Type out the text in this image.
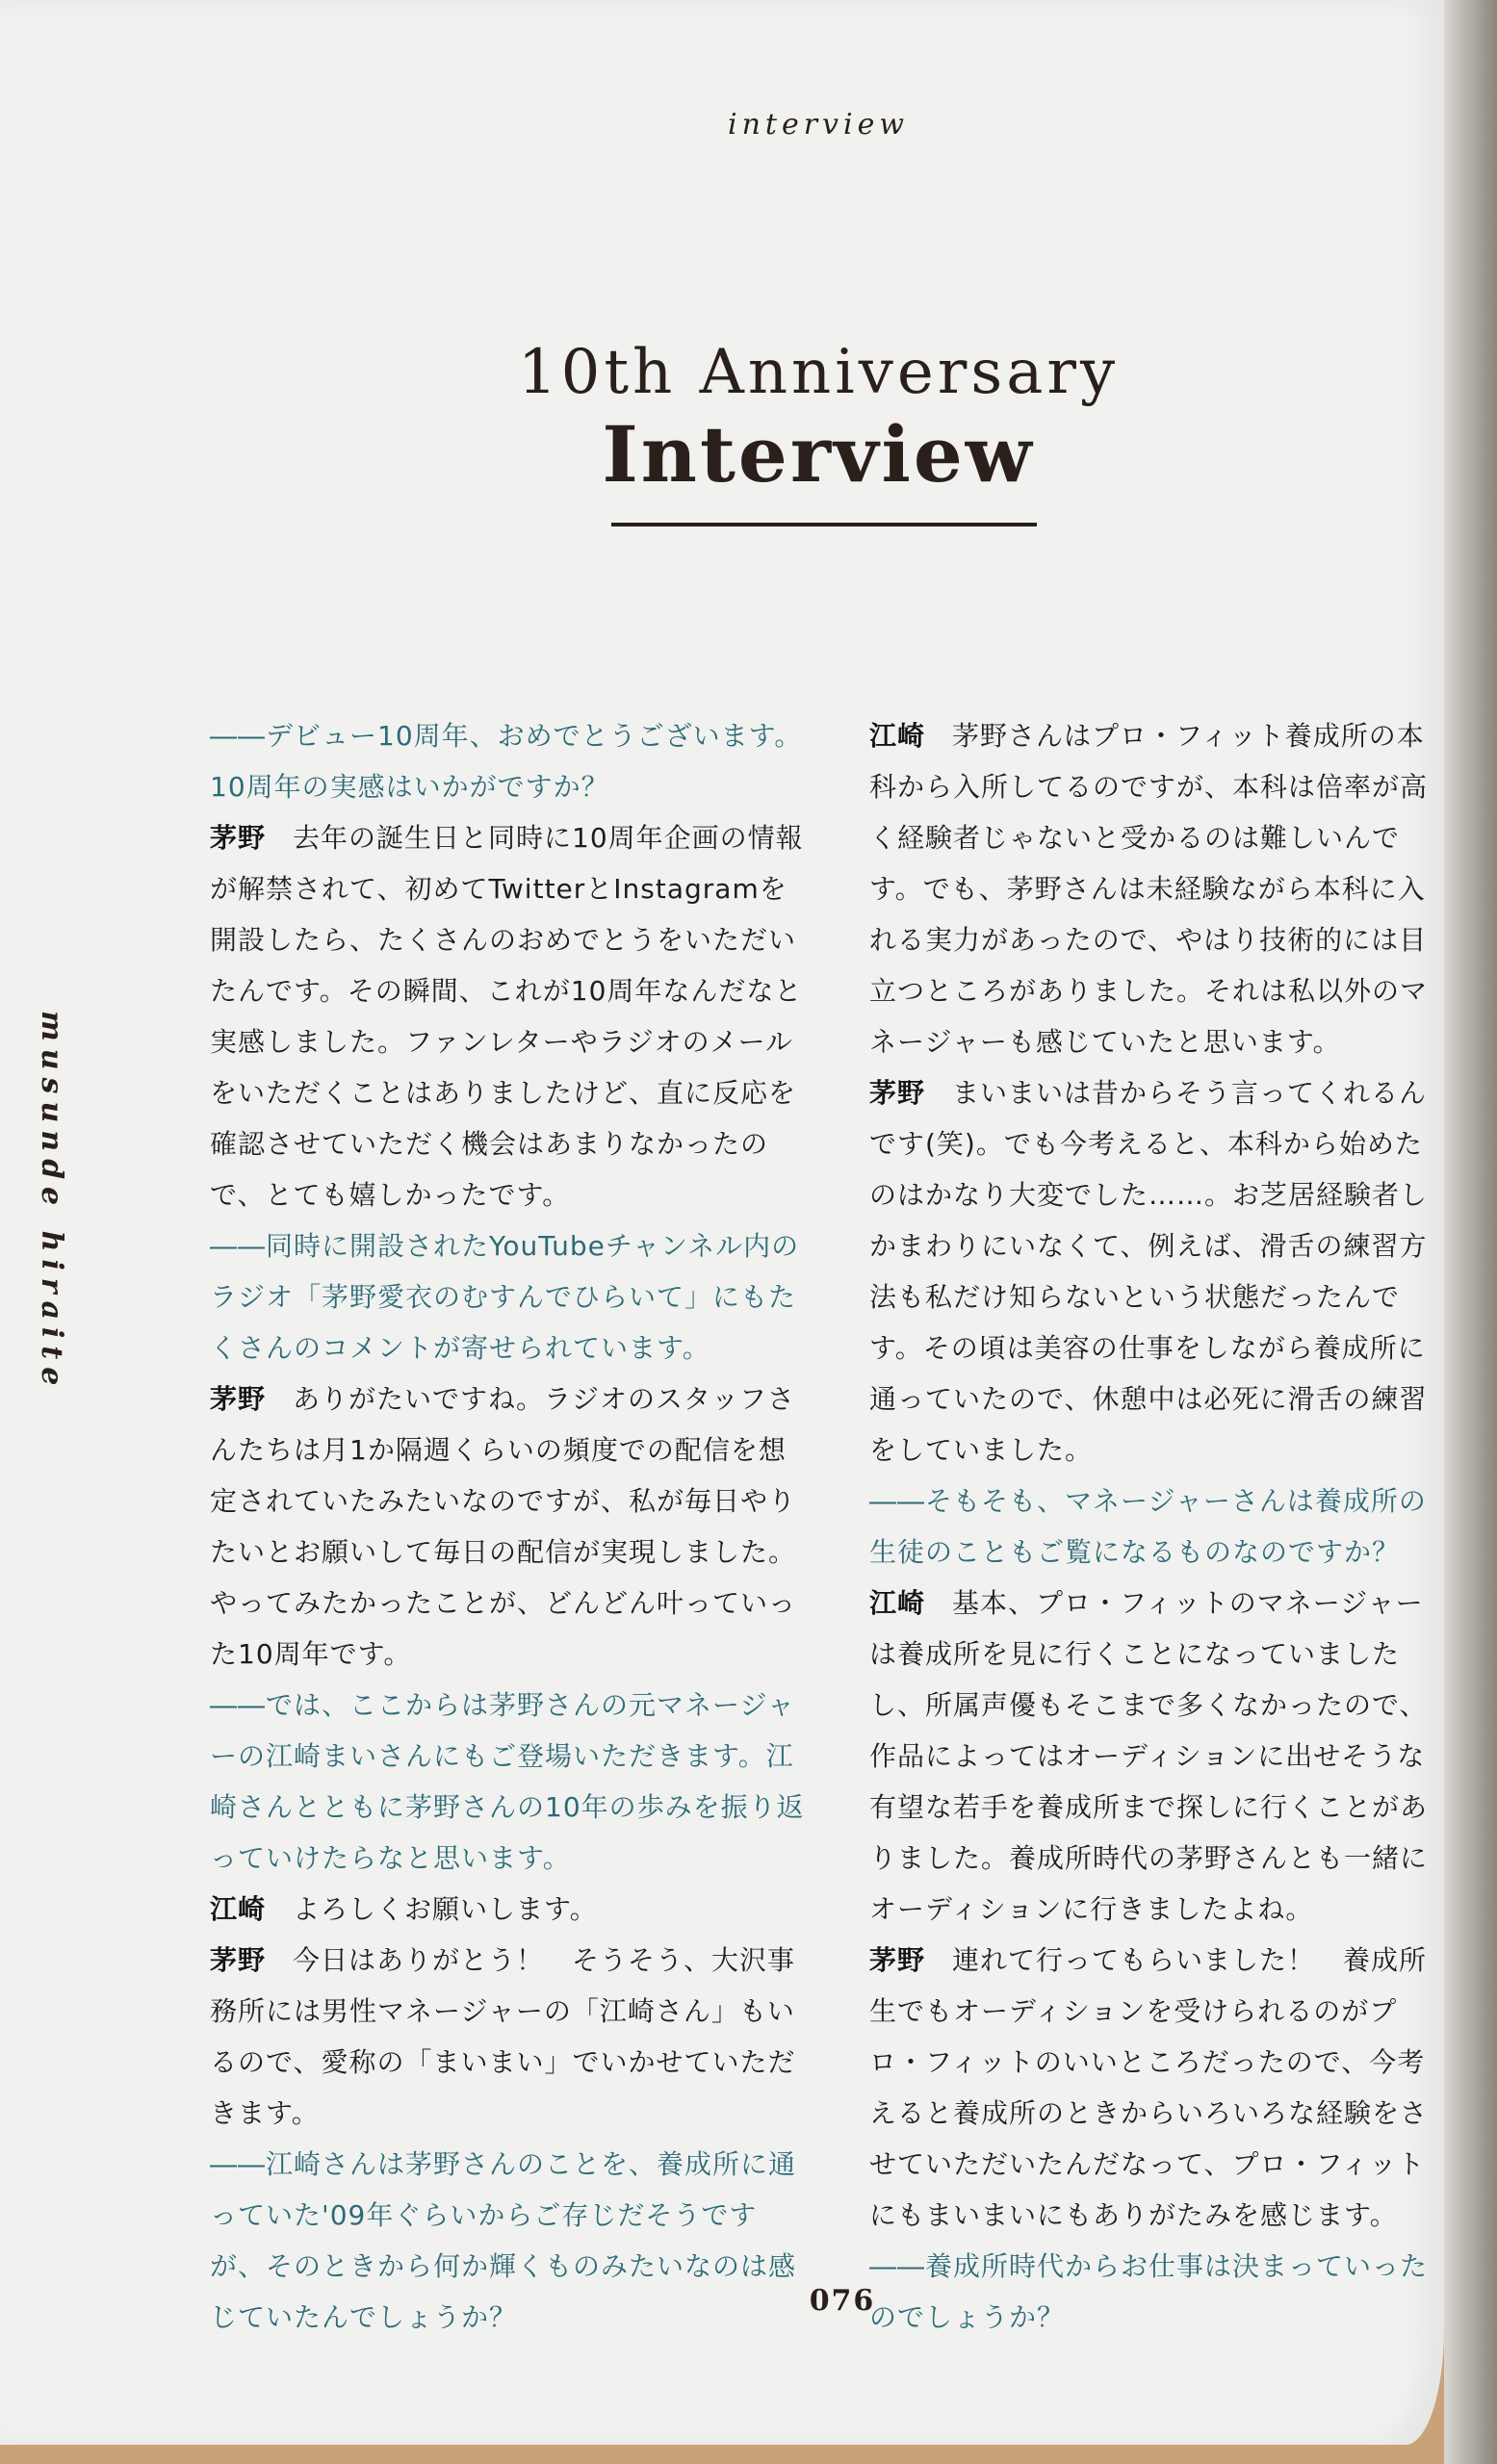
interview
10th Anniversary
Interview
musunde hiraite

――デビュー10周年、おめでとうございます。10周年の実感はいかがですか？

茅野 去年の誕生日と同時に10周年企画の情報が解禁されて、初めてTwitterとInstagramを開設したら、たくさんのおめでとうをいただいたんです。その瞬間、これが10周年なんだなと実感しました。ファンレターやラジオのメールをいただくことはありましたけど、直に反応を確認させていただく機会はあまりなかったので、とても嬉しかったです。

――同時に開設されたYouTubeチャンネル内のラジオ「茅野愛衣のむすんでひらいて」にもたくさんのコメントが寄せられています。

茅野 ありがたいですね。ラジオのスタッフさんたちは月1か隔週くらいの頻度での配信を想定されていたみたいなのですが、私が毎日やりたいとお願いして毎日の配信が実現しました。やってみたかったことが、どんどん叶っていった10周年です。

――では、ここからは茅野さんの元マネージャーの江崎まいさんにもご登場いただきます。江崎さんとともに茅野さんの10年の歩みを振り返っていけたらなと思います。

江崎 よろしくお願いします。

茅野 今日はありがとう！　そうそう、大沢事務所には男性マネージャーの「江崎さん」もいるので、愛称の「まいまい」でいかせていただきます。

――江崎さんは茅野さんのことを、養成所に通っていた'09年ぐらいからご存じだそうですが、そのときから何か輝くものみたいなのは感じていたんでしょうか？

江崎 茅野さんはプロ・フィット養成所の本科から入所してるのですが、本科は倍率が高く経験者じゃないと受かるのは難しいんです。でも、茅野さんは未経験ながら本科に入れる実力があったので、やはり技術的には目立つところがありました。それは私以外のマネージャーも感じていたと思います。

茅野 まいまいは昔からそう言ってくれるんです(笑)。でも今考えると、本科から始めたのはかなり大変でした……。お芝居経験者しかまわりにいなくて、例えば、滑舌の練習方法も私だけ知らないという状態だったんです。その頃は美容の仕事をしながら養成所に通っていたので、休憩中は必死に滑舌の練習をしていました。

――そもそも、マネージャーさんは養成所の生徒のこともご覧になるものなのですか？

江崎 基本、プロ・フィットのマネージャーは養成所を見に行くことになっていましたし、所属声優もそこまで多くなかったので、作品によってはオーディションに出せそうな有望な若手を養成所まで探しに行くことがありました。養成所時代の茅野さんとも一緒にオーディションに行きましたよね。

茅野 連れて行ってもらいました！　養成所生でもオーディションを受けられるのがプロ・フィットのいいところだったので、今考えると養成所のときからいろいろな経験をさせていただいたんだなって、プロ・フィットにもまいまいにもありがたみを感じます。

――養成所時代からお仕事は決まっていったのでしょうか？

076
